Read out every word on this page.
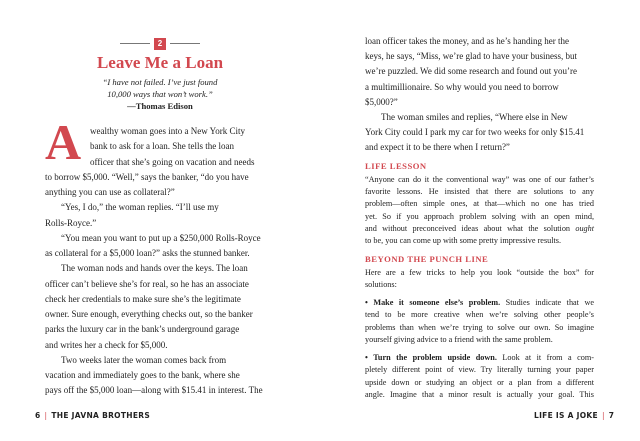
2
Leave Me a Loan
“I have not failed. I’ve just found
10,000 ways that won’t work.”
—Thomas Edison
A
6 | THE JAVNA BROTHERS
wealthy woman goes into a New York City
bank to ask for a loan. She tells the loan
officer that she’s going on vacation and needs
to borrow $5,000. “Well,” says the banker, “do you have
anything you can use as collateral?”
“Yes, I do,” the woman replies. “I’ll use my
Rolls-Royce.”
“You mean you want to put up a $250,000 Rolls-Royce
as collateral for a $5,000 loan?” asks the stunned banker.
The woman nods and hands over the keys. The loan
officer can’t believe she’s for real, so he has an associate
check her credentials to make sure she’s the legitimate
owner. Sure enough, everything checks out, so the banker
parks the luxury car in the bank’s underground garage
and writes her a check for $5,000.
Two weeks later the woman comes back from
vacation and immediately goes to the bank, where she
pays off the $5,000 loan—along with $15.41 in interest. The
LIFE LESSON
BEYOND THE PUNCH LINE
LIFE IS A JOKE | 7
loan officer takes the money, and as he’s handing her the
keys, he says, “Miss, we’re glad to have your business, but
we’re puzzled. We did some research and found out you’re
a multimillionaire. So why would you need to borrow
$5,000?”
The woman smiles and replies, “Where else in New
York City could I park my car for two weeks for only $15.41
and expect it to be there when I return?”
“Anyone can do it the conventional way” was one of our father’s
favorite lessons. He insisted that there are solutions to any
problem—often simple ones, at that—which no one has tried
yet. So if you approach problem solving with an open mind,
and without preconceived ideas about what the solution ought
to be, you can come up with some pretty impressive results.
Here are a few tricks to help you look “outside the box” for
solutions:
• Make it someone else’s problem. Studies indicate that we
tend to be more creative when we’re solving other people’s
problems than when we’re trying to solve our own. So imagine
yourself giving advice to a friend with the same problem.
• Turn the problem upside down. Look at it from a com-
pletely different point of view. Try literally turning your paper
upside down or studying an object or a plan from a different
angle. Imagine that a minor result is actually your goal. This
